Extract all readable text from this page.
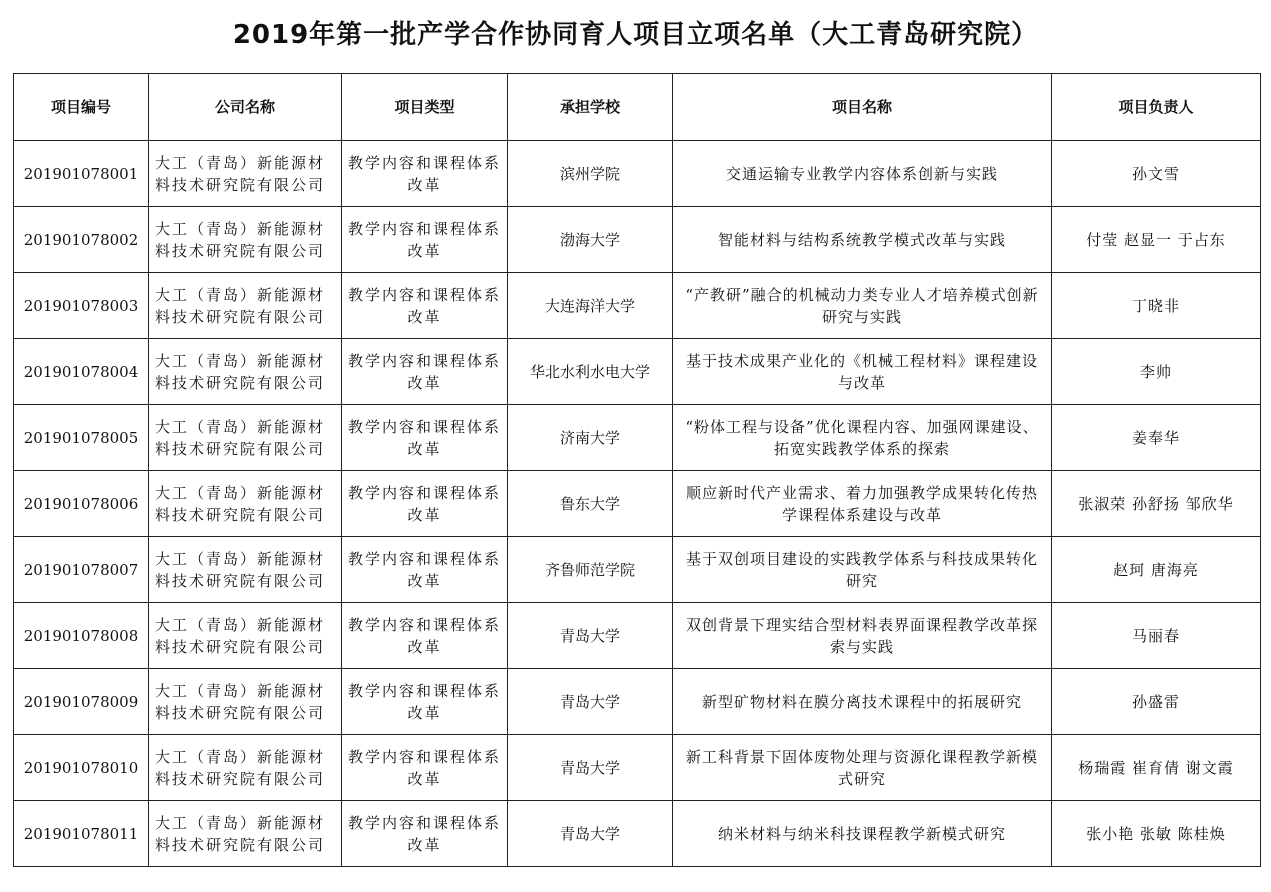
2019年第一批产学合作协同育人项目立项名单（大工青岛研究院）
项目编号	公司名称	项目类型	承担学校	项目名称	项目负责人
201901078001	大工（青岛）新能源材料技术研究院有限公司	教学内容和课程体系改革	滨州学院	交通运输专业教学内容体系创新与实践	孙文雪
201901078002	大工（青岛）新能源材料技术研究院有限公司	教学内容和课程体系改革	渤海大学	智能材料与结构系统教学模式改革与实践	付莹 赵显一 于占东
201901078003	大工（青岛）新能源材料技术研究院有限公司	教学内容和课程体系改革	大连海洋大学	“产教研”融合的机械动力类专业人才培养模式创新研究与实践	丁晓非
201901078004	大工（青岛）新能源材料技术研究院有限公司	教学内容和课程体系改革	华北水利水电大学	基于技术成果产业化的《机械工程材料》课程建设与改革	李帅
201901078005	大工（青岛）新能源材料技术研究院有限公司	教学内容和课程体系改革	济南大学	“粉体工程与设备”优化课程内容、加强网课建设、拓宽实践教学体系的探索	姜奉华
201901078006	大工（青岛）新能源材料技术研究院有限公司	教学内容和课程体系改革	鲁东大学	顺应新时代产业需求、着力加强教学成果转化传热学课程体系建设与改革	张淑荣 孙舒扬 邹欣华
201901078007	大工（青岛）新能源材料技术研究院有限公司	教学内容和课程体系改革	齐鲁师范学院	基于双创项目建设的实践教学体系与科技成果转化研究	赵珂 唐海亮
201901078008	大工（青岛）新能源材料技术研究院有限公司	教学内容和课程体系改革	青岛大学	双创背景下理实结合型材料表界面课程教学改革探索与实践	马丽春
201901078009	大工（青岛）新能源材料技术研究院有限公司	教学内容和课程体系改革	青岛大学	新型矿物材料在膜分离技术课程中的拓展研究	孙盛雷
201901078010	大工（青岛）新能源材料技术研究院有限公司	教学内容和课程体系改革	青岛大学	新工科背景下固体废物处理与资源化课程教学新模式研究	杨瑞霞 崔育倩 谢文霞
201901078011	大工（青岛）新能源材料技术研究院有限公司	教学内容和课程体系改革	青岛大学	纳米材料与纳米科技课程教学新模式研究	张小艳 张敏 陈桂焕
